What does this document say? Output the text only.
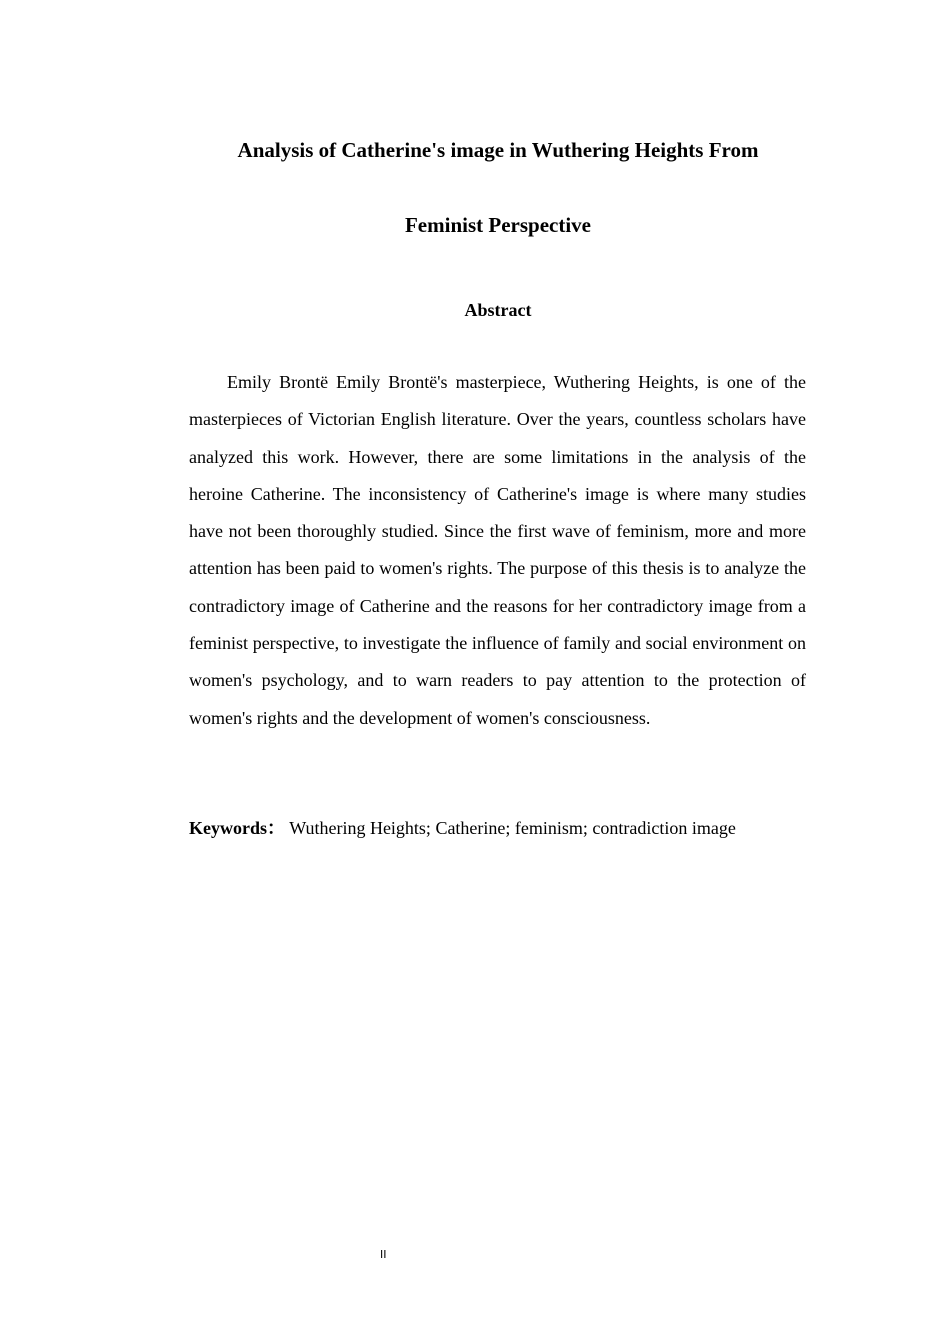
Analysis of Catherine's image in Wuthering Heights From
Feminist Perspective
Abstract

Emily Brontë Emily Brontë's masterpiece, Wuthering Heights, is one of the masterpieces of Victorian English literature. Over the years, countless scholars have analyzed this work. However, there are some limitations in the analysis of the heroine Catherine. The inconsistency of Catherine's image is where many studies have not been thoroughly studied. Since the first wave of feminism, more and more attention has been paid to women's rights. The purpose of this thesis is to analyze the contradictory image of Catherine and the reasons for her contradictory image from a feminist perspective, to investigate the influence of family and social environment on women's psychology, and to warn readers to pay attention to the protection of women's rights and the development of women's consciousness.

Keywords： Wuthering Heights; Catherine; feminism; contradiction image
II
